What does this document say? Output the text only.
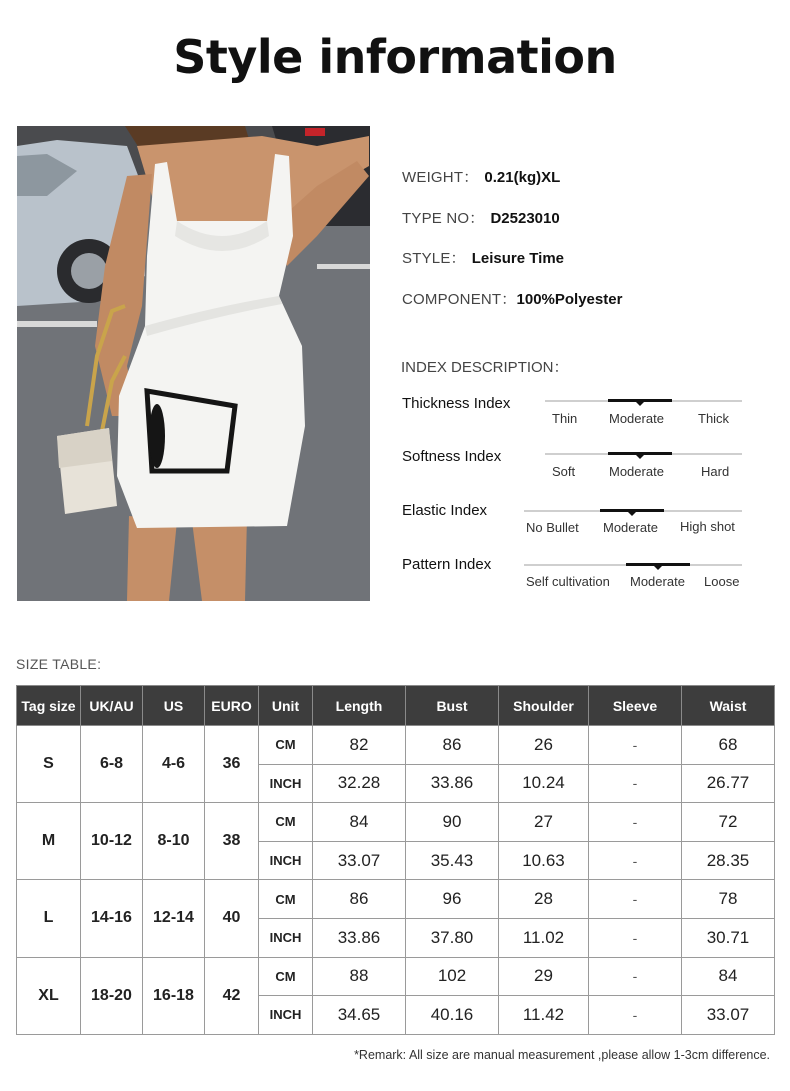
Style information
WEIGHT： 0.21(kg)XL
TYPE NO： D2523010
STYLE： Leisure Time
COMPONENT：100%Polyester
INDEX DESCRIPTION：
Thickness Index
Thin Moderate	Thick
Softness Index
Soft	Moderate	Hard
Elastic Index
No Bullet Moderate High shot
Pattern Index
Self cultivation Moderate Loose
SIZE TABLE:
Tag size	UK/AU	US	EURO	Unit	Length	Bust	Shoulder	Sleeve	Waist
S	6-8	4-6	36	CM	82	86	26	-	68
				INCH	32.28	33.86	10.24	-	26.77
M	10-12	8-10	38	CM	84	90	27	-	72
				INCH	33.07	35.43	10.63	-	28.35
L	14-16	12-14	40	CM	86	96	28	-	78
				INCH	33.86	37.80	11.02	-	30.71
XL	18-20	16-18	42	CM	88	102	29	-	84
				INCH	34.65	40.16	11.42	-	33.07
*Remark: All size are manual measurement ,please allow 1-3cm difference.
